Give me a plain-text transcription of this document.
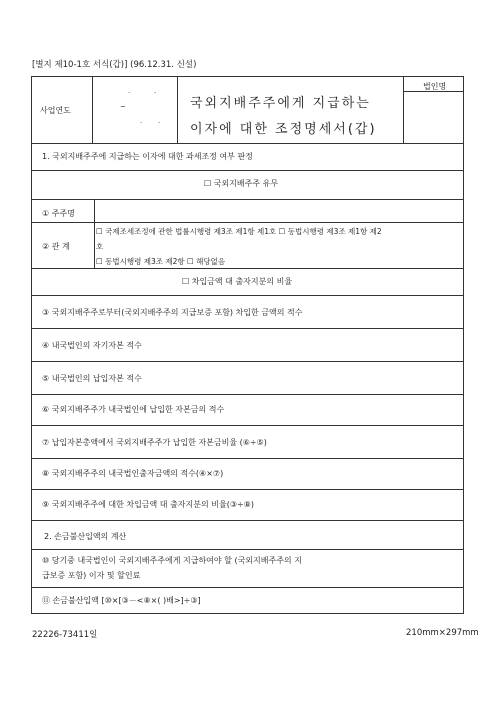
[별지 제10-1호 서식(갑)] (96.12.31. 신설)
사업연도
·	·
~
· ·
국외지배주주에게 지급하는
이자에 대한 조정명세서(갑)
법인명
1. 국외지배주주에 지급하는 이자에 대한 과세조정 여부 판정
☐ 국외지배주주 유무
① 주주명
② 관 계
☐ 국제조세조정에 관한 법률시행령 제3조 제1항 제1호 ☐ 동법시행령 제3조 제1항 제2
호
☐ 동법시행령 제3조 제2항 ☐ 해당없음
☐ 차입금액 대 출자지분의 비율
③ 국외지배주주로부터(국외지배주주의 지급보증 포함) 차입한 금액의 적수
④ 내국법인의 자기자본 적수
⑤ 내국법인의 납입자본 적수
⑥ 국외지배주주가 내국법인에 납입한 자본금의 적수
⑦ 납입자본총액에서 국외지배주주가 납입한 자본금비율 (⑥÷⑤)
⑧ 국외지배주주의 내국법인출자금액의 적수(④×⑦)
⑨ 국외지배주주에 대한 차입금액 대 출자지분의 비율(③÷⑧)
2. 손금불산입액의 계산
⑩ 당기중 내국법인이 국외지배주주에게 지급하여야 할 (국외지배주주의 지
급보증 포함) 이자 및 할인료
⑪ 손금불산입액 [⑩×[③－<⑧×( )배>]÷③]
22226-73411일	210mm×297mm
